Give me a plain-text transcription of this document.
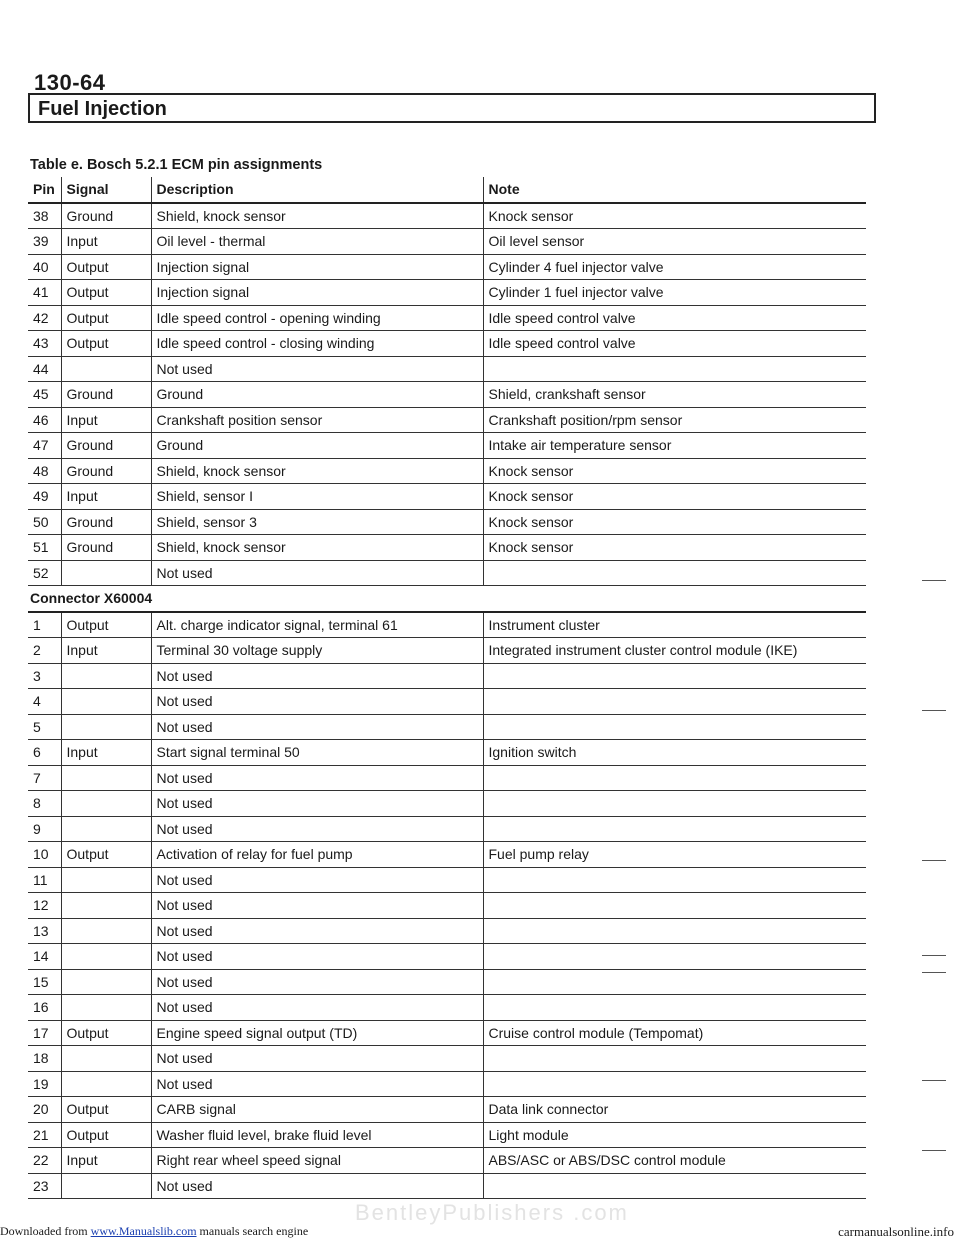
130-64
Fuel Injection
Table e. Bosch 5.2.1 ECM pin assignments
Pin	Signal	Description	Note
38	Ground	Shield, knock sensor	Knock sensor
39	Input	Oil level - thermal	Oil level sensor
40	Output	Injection signal	Cylinder 4 fuel injector valve
41	Output	Injection signal	Cylinder 1 fuel injector valve
42	Output	Idle speed control - opening winding	Idle speed control valve
43	Output	Idle speed control - closing winding	Idle speed control valve
44		Not used	
45	Ground	Ground	Shield, crankshaft sensor
46	Input	Crankshaft position sensor	Crankshaft position/rpm sensor
47	Ground	Ground	Intake air temperature sensor
48	Ground	Shield, knock sensor	Knock sensor
49	Input	Shield, sensor I	Knock sensor
50	Ground	Shield, sensor 3	Knock sensor
51	Ground	Shield, knock sensor	Knock sensor
52		Not used	
Connector X60004			
1	Output	Alt. charge indicator signal, terminal 61	Instrument cluster
2	Input	Terminal 30 voltage supply	Integrated instrument cluster control module (IKE)
3		Not used	
4		Not used	
5		Not used	
6	Input	Start signal terminal 50	Ignition switch
7		Not used	
8		Not used	
9		Not used	
10	Output	Activation of relay for fuel pump	Fuel pump relay
11		Not used	
12		Not used	
13		Not used	
14		Not used	
15		Not used	
16		Not used	
17	Output	Engine speed signal output (TD)	Cruise control module (Tempomat)
18		Not used	
19		Not used	
20	Output	CARB signal	Data link connector
21	Output	Washer fluid level, brake fluid level	Light module
22	Input	Right rear wheel speed signal	ABS/ASC or ABS/DSC control module
23		Not used	
BentleyPublishers .com
Downloaded from www.Manualslib.com manuals search engine	carmanualsonline.info
